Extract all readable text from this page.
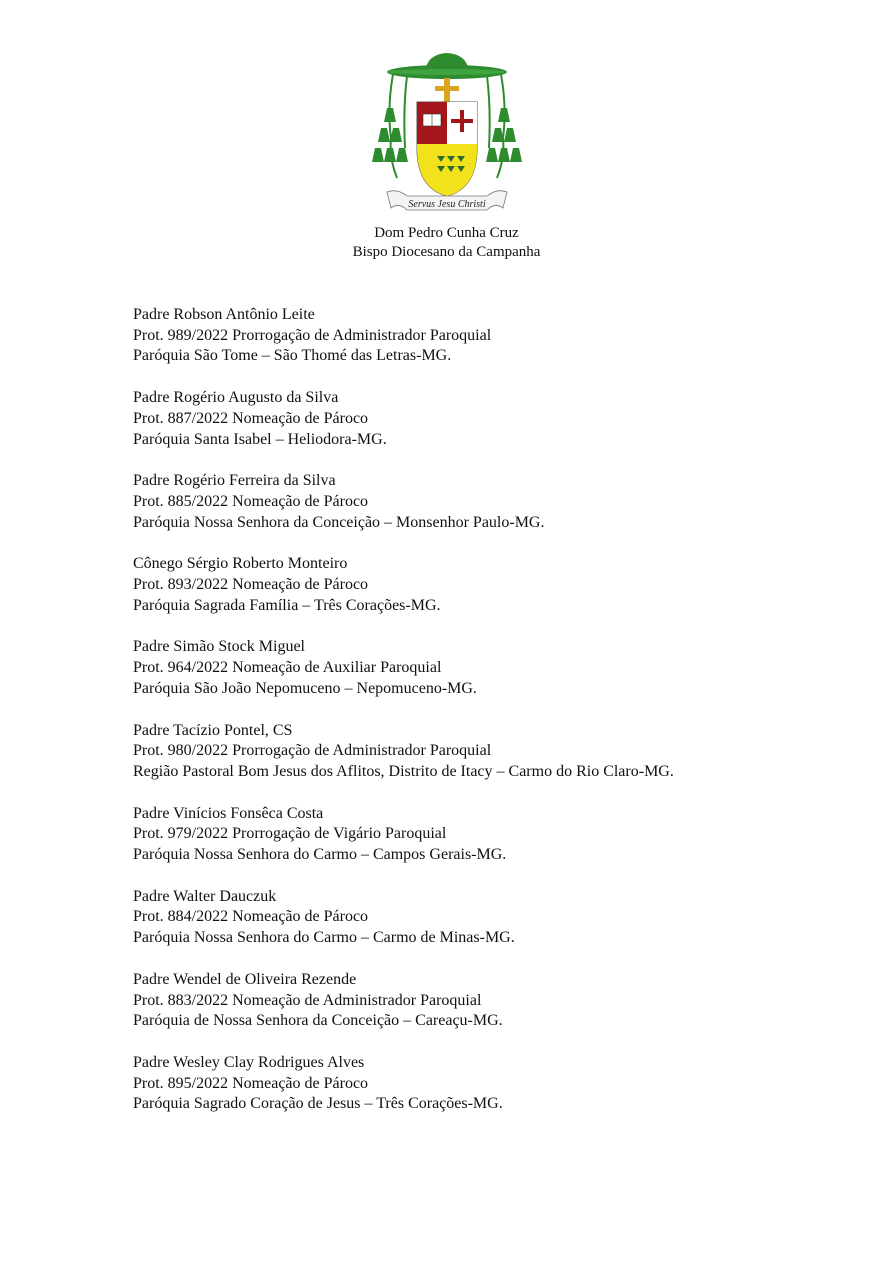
Servus Jesu Christi
Dom Pedro Cunha Cruz
Bispo Diocesano da Campanha
Padre Robson Antônio Leite
Prot. 989/2022 Prorrogação de Administrador Paroquial
Paróquia São Tome – São Thomé das Letras-MG.
Padre Rogério Augusto da Silva
Prot. 887/2022 Nomeação de Pároco
Paróquia Santa Isabel – Heliodora-MG.
Padre Rogério Ferreira da Silva
Prot. 885/2022 Nomeação de Pároco
Paróquia Nossa Senhora da Conceição – Monsenhor Paulo-MG.
Cônego Sérgio Roberto Monteiro
Prot. 893/2022 Nomeação de Pároco
Paróquia Sagrada Família – Três Corações-MG.
Padre Simão Stock Miguel
Prot. 964/2022 Nomeação de Auxiliar Paroquial
Paróquia São João Nepomuceno – Nepomuceno-MG.
Padre Tacízio Pontel, CS
Prot. 980/2022 Prorrogação de Administrador Paroquial
Região Pastoral Bom Jesus dos Aflitos, Distrito de Itacy – Carmo do Rio Claro-MG.
Padre Vinícios Fonsêca Costa
Prot. 979/2022 Prorrogação de Vigário Paroquial
Paróquia Nossa Senhora do Carmo – Campos Gerais-MG.
Padre Walter Dauczuk
Prot. 884/2022 Nomeação de Pároco
Paróquia Nossa Senhora do Carmo – Carmo de Minas-MG.
Padre Wendel de Oliveira Rezende
Prot. 883/2022 Nomeação de Administrador Paroquial
Paróquia de Nossa Senhora da Conceição – Careaçu-MG.
Padre Wesley Clay Rodrigues Alves
Prot. 895/2022 Nomeação de Pároco
Paróquia Sagrado Coração de Jesus – Três Corações-MG.
